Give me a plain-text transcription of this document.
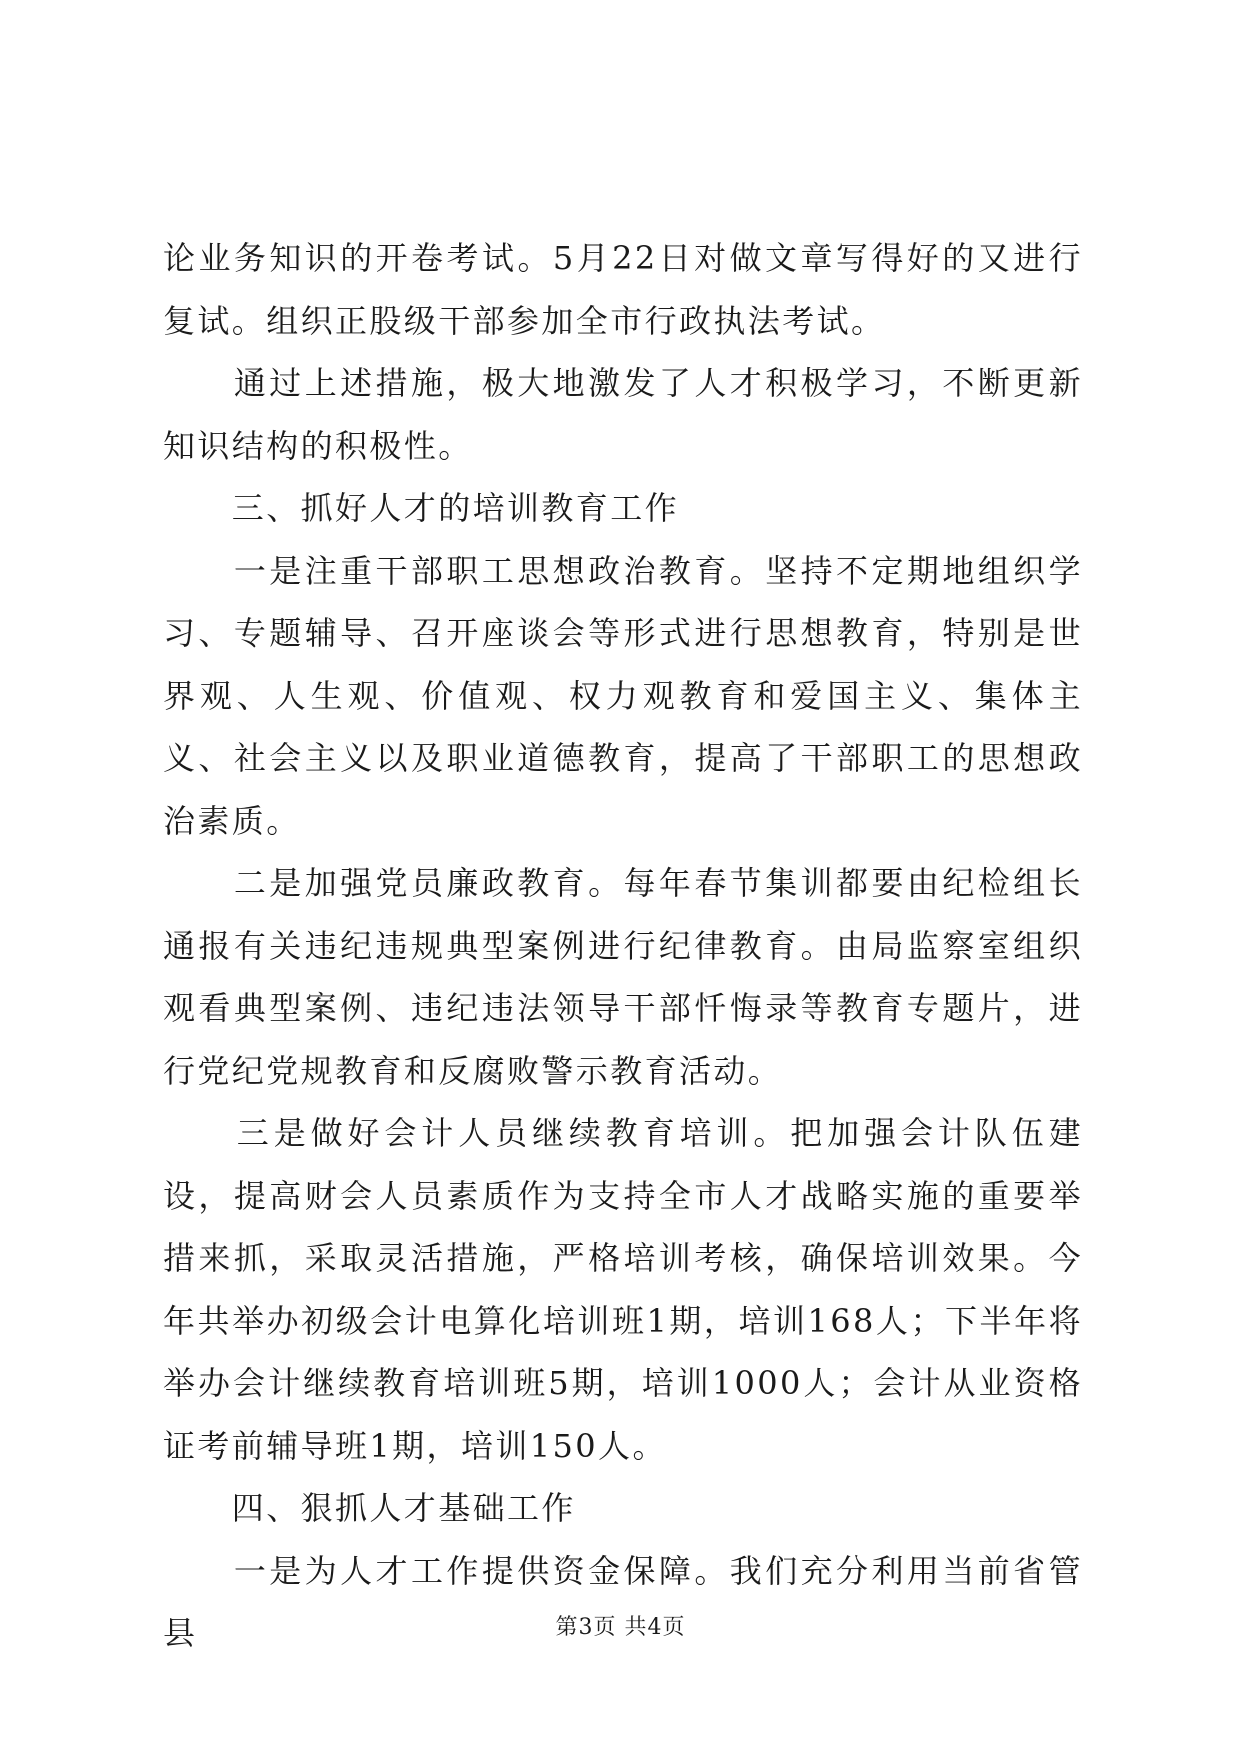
论业务知识的开卷考试。5月22日对做文章写得好的又进行复试。组织正股级干部参加全市行政执法考试。

　　通过上述措施，极大地激发了人才积极学习，不断更新知识结构的积极性。

　　三、抓好人才的培训教育工作

　　一是注重干部职工思想政治教育。坚持不定期地组织学习、专题辅导、召开座谈会等形式进行思想教育，特别是世界观、人生观、价值观、权力观教育和爱国主义、集体主义、社会主义以及职业道德教育，提高了干部职工的思想政治素质。

　　二是加强党员廉政教育。每年春节集训都要由纪检组长通报有关违纪违规典型案例进行纪律教育。由局监察室组织观看典型案例、违纪违法领导干部忏悔录等教育专题片，进行党纪党规教育和反腐败警示教育活动。

　　三是做好会计人员继续教育培训。把加强会计队伍建设，提高财会人员素质作为支持全市人才战略实施的重要举措来抓，采取灵活措施，严格培训考核，确保培训效果。今年共举办初级会计电算化培训班1期，培训168人；下半年将举办会计继续教育培训班5期，培训1000人；会计从业资格证考前辅导班1期，培训150人。

　　四、狠抓人才基础工作

　　一是为人才工作提供资金保障。我们充分利用当前省管县	第3页 共4页
